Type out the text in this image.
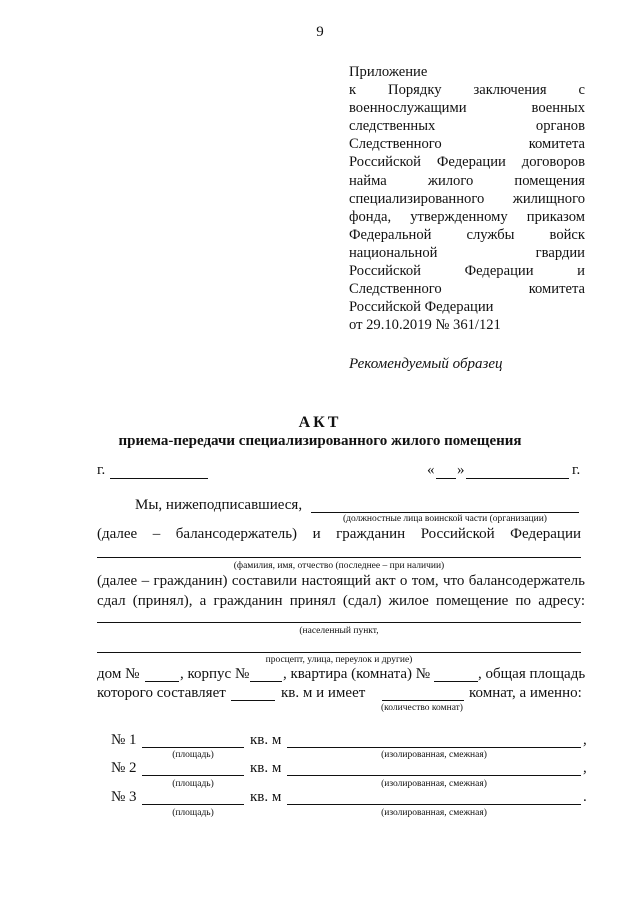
9
Приложение
к Порядку заключения с
военнослужащими военных
следственных органов
Следственного комитета
Российской Федерации договоров
найма жилого помещения
специализированного жилищного
фонда, утвержденному приказом
Федеральной службы войск
национальной гвардии
Российской Федерации и
Следственного комитета
Российской Федерации
от 29.10.2019 № 361/121
Рекомендуемый образец
АКТ
приема-передачи специализированного жилого помещения
г.	« »	г.
Мы, нижеподписавшиеся,
(должностные лица воинской части (организации)
(далее – балансодержатель) и гражданин Российской Федерации
(фамилия, имя, отчество (последнее – при наличии)
(далее – гражданин) составили настоящий акт о том, что балансодержатель
сдал (принял), а гражданин принял (сдал) жилое помещение по адресу:
(населенный пункт,
просцепт, улица, переулок и другие)
дом №	, корпус № , квартира (комната) №	, общая площадь
которого составляет	кв. м и имеет	комнат, а именно:
(количество комнат)
№ 1	кв. м	,
(площадь)	(изолированная, смежная)
№ 2	кв. м	,
(площадь)	(изолированная, смежная)
№ 3	кв. м	.
(площадь)	(изолированная, смежная)
